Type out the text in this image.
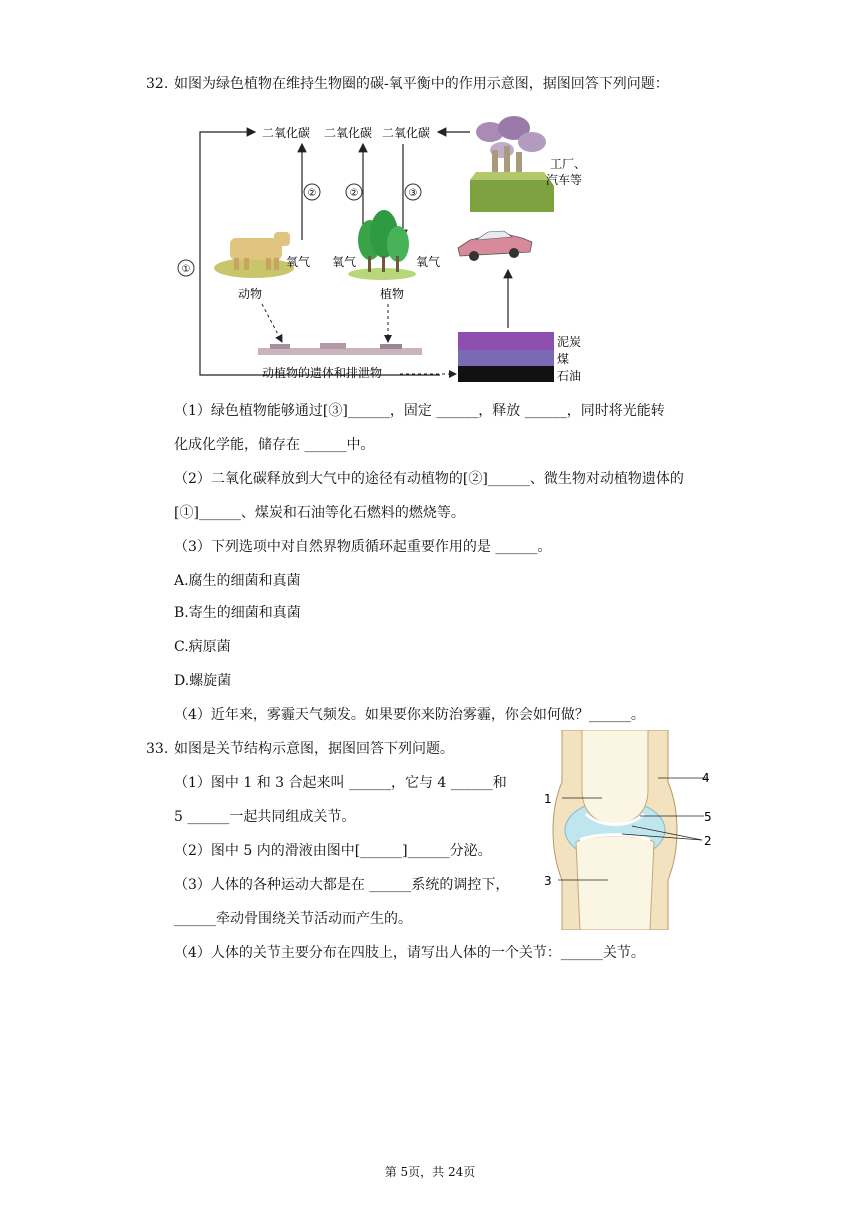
32. 如图为绿色植物在维持生物圈的碳-氧平衡中的作用示意图，据图回答下列问题：
①
二氧化碳 二氧化碳 二氧化碳
②	②	③
工厂、
汽车等
氧气
动物
氧气	氧气
植物
动植物的遗体和排泄物
泥炭
煤
石油
（1）绿色植物能够通过[③]______，固定 ______，释放 ______，同时将光能转
化成化学能，储存在 ______中。
（2）二氧化碳释放到大气中的途径有动植物的[②]______、微生物对动植物遗体的
[①]______、煤炭和石油等化石燃料的燃烧等。
（3）下列选项中对自然界物质循环起重要作用的是 ______。
A.腐生的细菌和真菌
B.寄生的细菌和真菌
C.病原菌
D.螺旋菌
（4）近年来，雾霾天气频发。如果要你来防治雾霾，你会如何做？______。
33. 如图是关节结构示意图，据图回答下列问题。
（1）图中 1 和 3 合起来叫 ______，它与 4 ______和
5 ______一起共同组成关节。
（2）图中 5 内的滑液由图中[______]______分泌。
（3）人体的各种运动大都是在 ______系统的调控下，
______牵动骨围绕关节活动而产生的。
（4）人体的关节主要分布在四肢上，请写出人体的一个关节：______关节。
1
4
5
2
3
第 5页，共 24页
